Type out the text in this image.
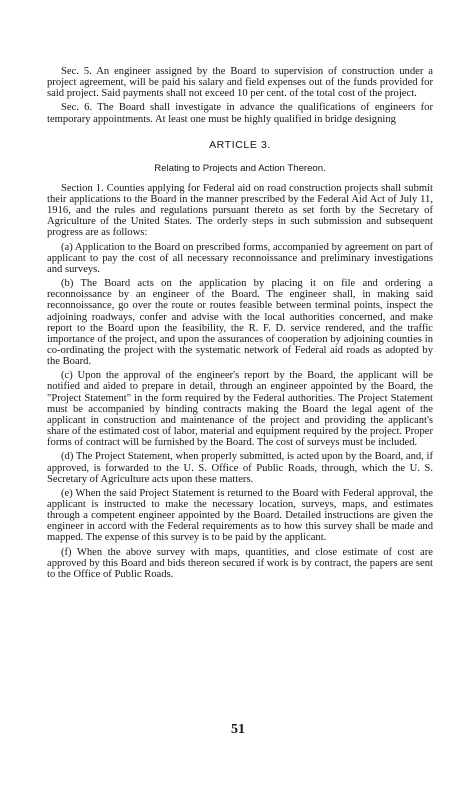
Sec. 5. An engineer assigned by the Board to supervision of construction under a project agreement, will be paid his salary and field expenses out of the funds provided for said project. Said payments shall not exceed 10 per cent. of the total cost of the project.

Sec. 6. The Board shall investigate in advance the qualifications of engineers for temporary appointments. At least one must be highly qualified in bridge designing

ARTICLE 3.
Relating to Projects and Action Thereon.

Section 1. Counties applying for Federal aid on road construction projects shall submit their applications to the Board in the manner prescribed by the Federal Aid Act of July 11, 1916, and the rules and regulations pursuant thereto as set forth by the Secretary of Agriculture of the United States. The orderly steps in such submission and subsequent progress are as follows:

(a) Application to the Board on prescribed forms, accompanied by agreement on part of applicant to pay the cost of all necessary reconnoissance and preliminary investigations and surveys.

(b) The Board acts on the application by placing it on file and ordering a reconnoissance by an engineer of the Board. The engineer shall, in making said reconnoissance, go over the route or routes feasible between terminal points, inspect the adjoining roadways, confer and advise with the local authorities concerned, and make report to the Board upon the feasibility, the R. F. D. service rendered, and the traffic importance of the project, and upon the assurances of cooperation by adjoining counties in co-ordinating the project with the systematic network of Federal aid roads as adopted by the Board.

(c) Upon the approval of the engineer's report by the Board, the applicant will be notified and aided to prepare in detail, through an engineer appointed by the Board, the "Project Statement" in the form required by the Federal authorities. The Project Statement must be accompanied by binding contracts making the Board the legal agent of the applicant in construction and maintenance of the project and providing the applicant's share of the estimated cost of labor, material and equipment required by the project. Proper forms of contract will be furnished by the Board. The cost of surveys must be included.

(d) The Project Statement, when properly submitted, is acted upon by the Board, and, if approved, is forwarded to the U. S. Office of Public Roads, through, which the U. S. Secretary of Agriculture acts upon these matters.

(e) When the said Project Statement is returned to the Board with Federal approval, the applicant is instructed to make the necessary location, surveys, maps, and estimates through a competent engineer appointed by the Board. Detailed instructions are given the engineer in accord with the Federal requirements as to how this survey shall be made and mapped. The expense of this survey is to be paid by the applicant.

(f) When the above survey with maps, quantities, and close estimate of cost are approved by this Board and bids thereon secured if work is by contract, the papers are sent to the Office of Public Roads.

51
